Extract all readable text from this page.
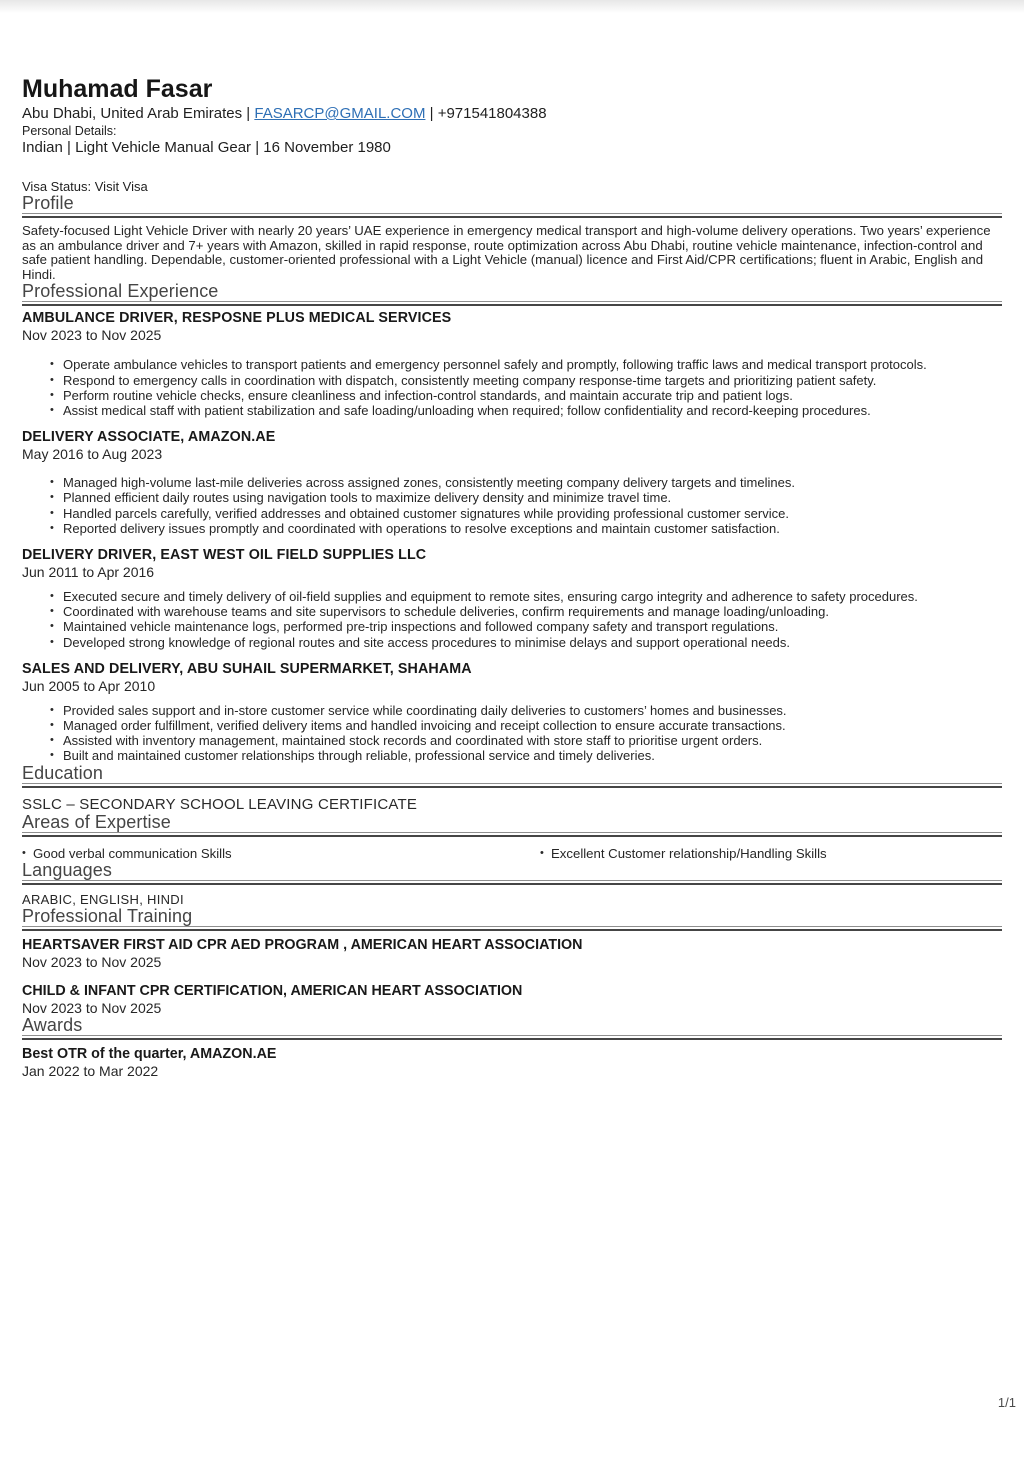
Muhamad Fasar

Abu Dhabi, United Arab Emirates | FASARCP@GMAIL.COM | +971541804388

Personal Details:

Indian | Light Vehicle Manual Gear | 16 November 1980

Visa Status: Visit Visa

Profile

Safety-focused Light Vehicle Driver with nearly 20 years’ UAE experience in emergency medical transport and high-volume delivery operations. Two years’ experience as an ambulance driver and 7+ years with Amazon, skilled in rapid response, route optimization across Abu Dhabi, routine vehicle maintenance, infection-control and safe patient handling. Dependable, customer-oriented professional with a Light Vehicle (manual) licence and First Aid/CPR certifications; fluent in Arabic, English and Hindi.

Professional Experience
AMBULANCE DRIVER, RESPOSNE PLUS MEDICAL SERVICES

Nov 2023 to Nov 2025

• Operate ambulance vehicles to transport patients and emergency personnel safely and promptly, following traffic laws and medical transport protocols.
• Respond to emergency calls in coordination with dispatch, consistently meeting company response-time targets and prioritizing patient safety.
• Perform routine vehicle checks, ensure cleanliness and infection-control standards, and maintain accurate trip and patient logs.
• Assist medical staff with patient stabilization and safe loading/unloading when required; follow confidentiality and record-keeping procedures.
DELIVERY ASSOCIATE, AMAZON.AE

May 2016 to Aug 2023

• Managed high-volume last-mile deliveries across assigned zones, consistently meeting company delivery targets and timelines.
• Planned efficient daily routes using navigation tools to maximize delivery density and minimize travel time.
• Handled parcels carefully, verified addresses and obtained customer signatures while providing professional customer service.
• Reported delivery issues promptly and coordinated with operations to resolve exceptions and maintain customer satisfaction.
DELIVERY DRIVER, EAST WEST OIL FIELD SUPPLIES LLC

Jun 2011 to Apr 2016

• Executed secure and timely delivery of oil-field supplies and equipment to remote sites, ensuring cargo integrity and adherence to safety procedures.
• Coordinated with warehouse teams and site supervisors to schedule deliveries, confirm requirements and manage loading/unloading.
• Maintained vehicle maintenance logs, performed pre-trip inspections and followed company safety and transport regulations.
• Developed strong knowledge of regional routes and site access procedures to minimise delays and support operational needs.
SALES AND DELIVERY, ABU SUHAIL SUPERMARKET, SHAHAMA

Jun 2005 to Apr 2010

• Provided sales support and in-store customer service while coordinating daily deliveries to customers’ homes and businesses.
• Managed order fulfillment, verified delivery items and handled invoicing and receipt collection to ensure accurate transactions.
• Assisted with inventory management, maintained stock records and coordinated with store staff to prioritise urgent orders.
• Built and maintained customer relationships through reliable, professional service and timely deliveries.
Education

SSLC – SECONDARY SCHOOL LEAVING CERTIFICATE

Areas of Expertise
• Good verbal communication Skills	• Excellent Customer relationship/Handling Skills
Languages

ARABIC, ENGLISH, HINDI

Professional Training
HEARTSAVER FIRST AID CPR AED PROGRAM , AMERICAN HEART ASSOCIATION

Nov 2023 to Nov 2025

CHILD & INFANT CPR CERTIFICATION, AMERICAN HEART ASSOCIATION

Nov 2023 to Nov 2025

Awards
Best OTR of the quarter, AMAZON.AE

Jan 2022 to Mar 2022

1/1
